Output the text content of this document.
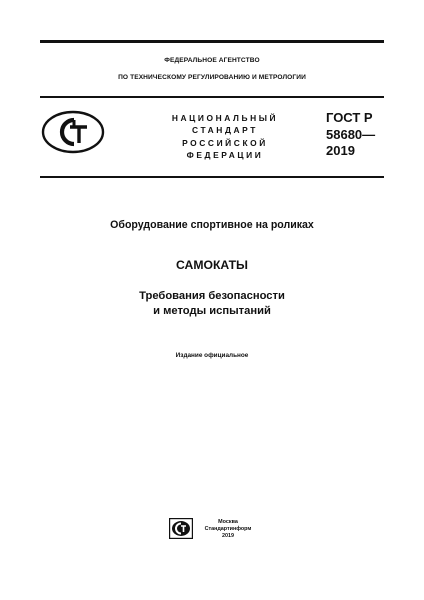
ФЕДЕРАЛЬНОЕ АГЕНТСТВО
ПО ТЕХНИЧЕСКОМУ РЕГУЛИРОВАНИЮ И МЕТРОЛОГИИ
НАЦИОНАЛЬНЫЙ
СТАНДАРТ
РОССИЙСКОЙ
ФЕДЕРАЦИИ
ГОСТ Р
58680—
2019
Оборудование спортивное на роликах
САМОКАТЫ
Требования безопасности
и методы испытаний
Издание официальное
Москва
Стандартинформ
2019
